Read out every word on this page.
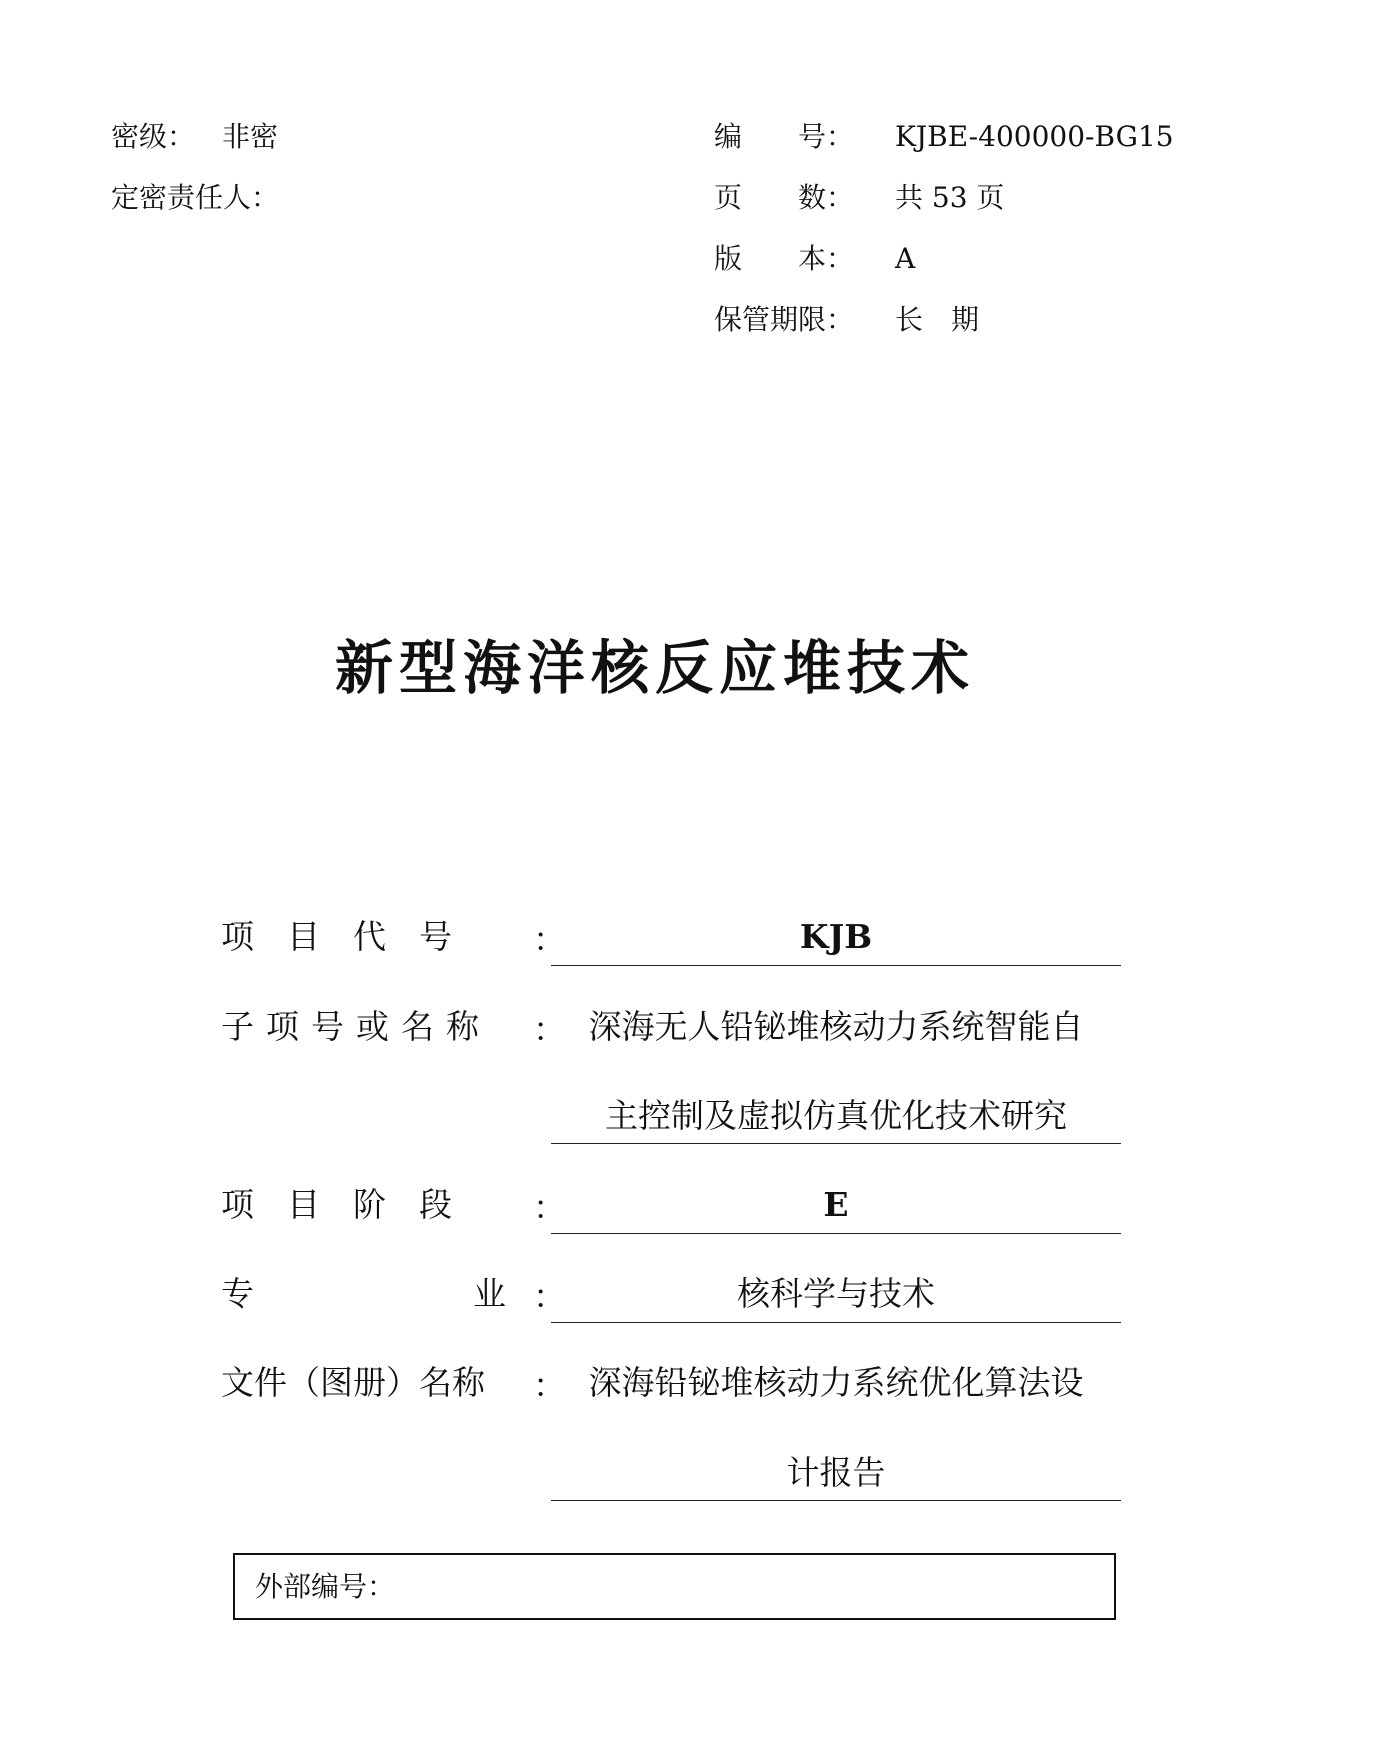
密级： 非密
定密责任人：
编　　号： KJBE-400000-BG15
页　　数： 共 53 页
版　　本： A
保管期限： 长　期
新型海洋核反应堆技术
项　目　代　号 ：	KJB
子项号或名称 ： 深海无人铅铋堆核动力系统智能自
主控制及虚拟仿真优化技术研究
项　目　阶　段 ：	E
专	业 ：	核科学与技术
文件（图册）名称 ： 深海铅铋堆核动力系统优化算法设
计报告
外部编号：
